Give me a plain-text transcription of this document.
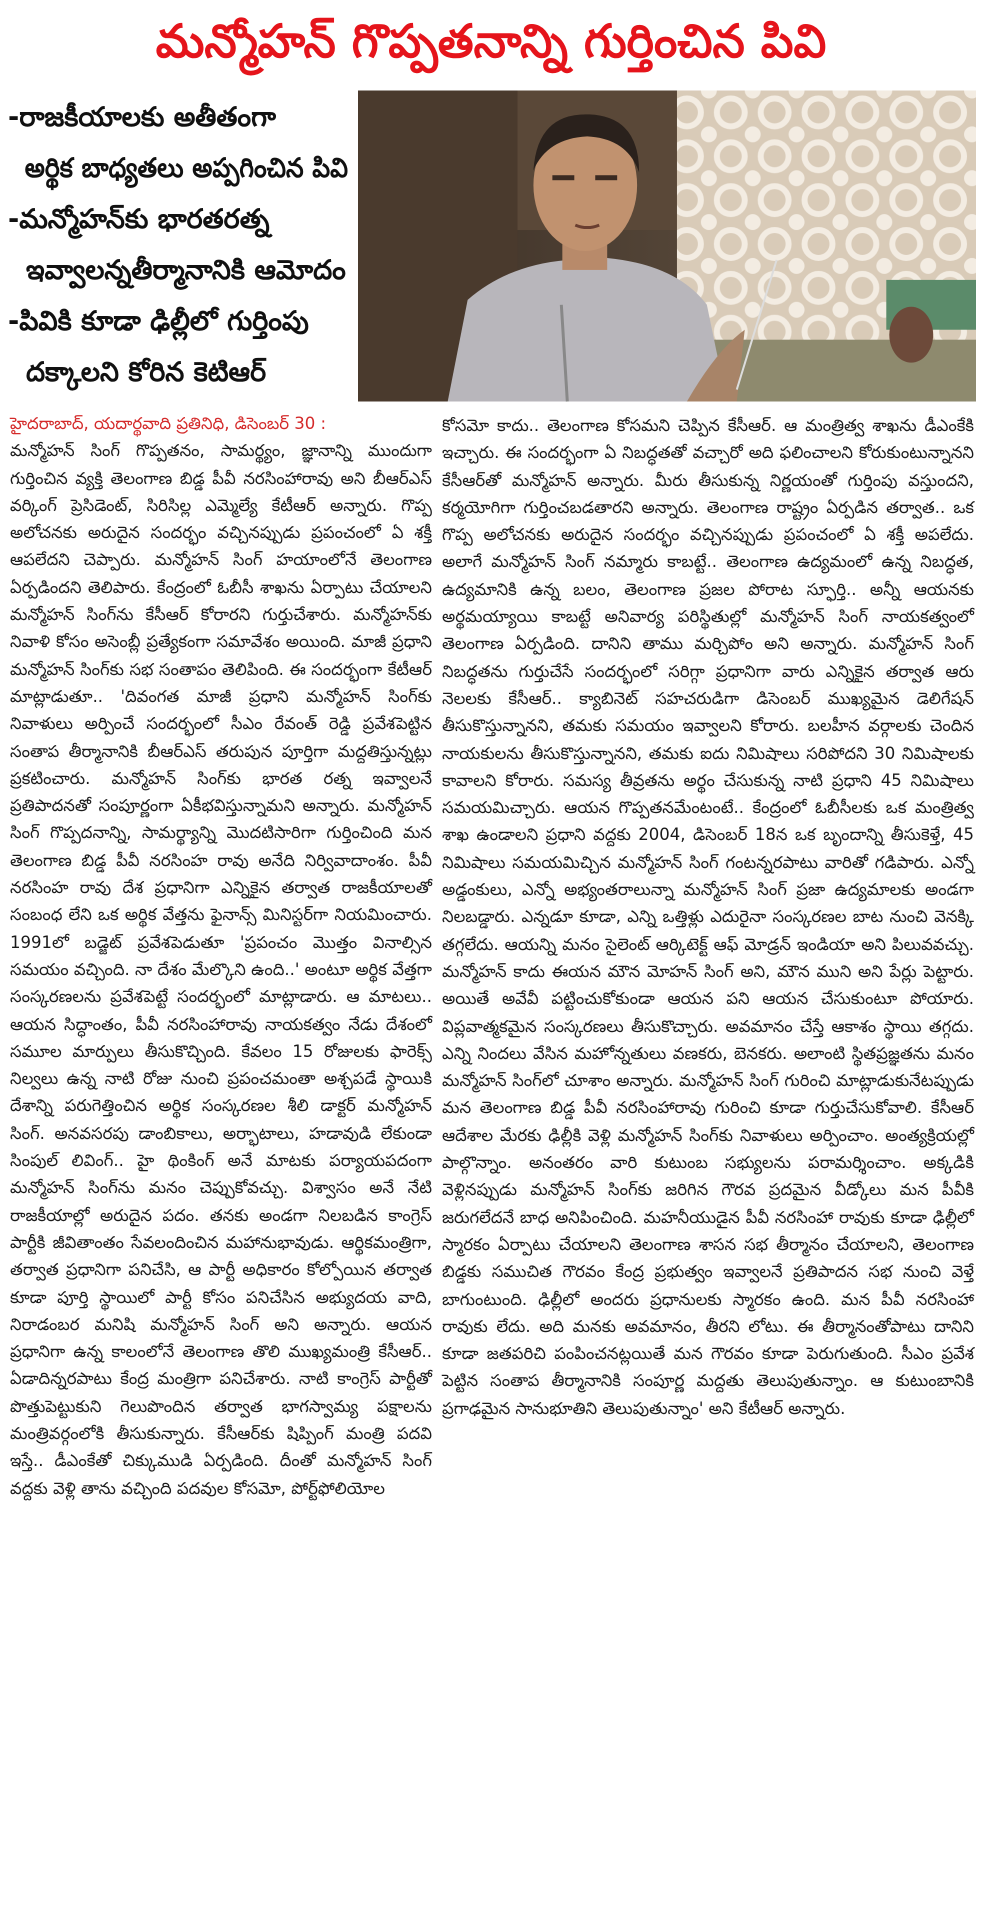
మన్మోహన్ గొప్పతనాన్ని గుర్తించిన పివి
-రాజకీయాలకు అతీతంగా
అర్థిక బాధ్యతలు అప్పగించిన పివి
-మన్మోహన్‌కు భారతరత్న
ఇవ్వాలన్నతీర్మానానికి ఆమోదం
-పివికి కూడా ఢిల్లీలో గుర్తింపు
దక్కాలని కోరిన కెటిఆర్
హైదరాబాద్, యదార్థవాది ప్రతినిధి, డిసెంబర్ 30 :
మన్మోహన్ సింగ్ గొప్పతనం, సామర్థ్యం, జ్ఞానాన్ని ముందుగా గుర్తించిన వ్యక్తి తెలంగాణ బిడ్డ పీవీ నరసింహారావు అని బీఆర్ఎస్ వర్కింగ్ ప్రెసిడెంట్, సిరిసిల్ల ఎమ్మెల్యే కేటీఆర్ అన్నారు. గొప్ప అలోచనకు అరుదైన సందర్భం వచ్చినప్పుడు ప్రపంచంలో ఏ శక్తీ ఆపలేదని చెప్పారు. మన్మోహన్ సింగ్ హయాంలోనే తెలంగాణ ఏర్పడిందని తెలిపారు. కేంద్రంలో ఓబీసీ శాఖను ఏర్పాటు చేయాలని మన్మోహన్ సింగ్‌ను కేసీఆర్ కోరారని గుర్తుచేశారు. మన్మోహన్‌కు నివాళి కోసం అసెంబ్లీ ప్రత్యేకంగా సమావేశం అయింది. మాజీ ప్రధాని మన్మోహన్ సింగ్‌కు సభ సంతాపం తెలిపింది. ఈ సందర్భంగా కేటీఆర్ మాట్లాడుతూ.. 'దివంగత మాజీ ప్రధాని మన్మోహన్ సింగ్‌కు నివాళులు అర్పించే సందర్భంలో సీఎం రేవంత్ రెడ్డి ప్రవేశపెట్టిన సంతాప తీర్మానానికి బీఆర్ఎస్ తరుపున పూర్తిగా మద్దతిస్తున్నట్లు ప్రకటించారు. మన్మోహన్ సింగ్‌కు భారత రత్న ఇవ్వాలనే ప్రతిపాదనతో సంపూర్ణంగా ఏకీభవిస్తున్నామని అన్నారు. మన్మోహన్ సింగ్ గొప్పదనాన్ని, సామర్థ్యాన్ని మొదటిసారిగా గుర్తించింది మన తెలంగాణ బిడ్డ పీవీ నరసింహ రావు అనేది నిర్వివాదాంశం. పీవీ నరసింహ రావు దేశ ప్రధానిగా ఎన్నికైన తర్వాత రాజకీయాలతో సంబంధ లేని ఒక అర్థిక వేత్తను ఫైనాన్స్ మినిస్టర్‌గా నియమించారు. 1991లో బడ్జెట్ ప్రవేశపెడుతూ 'ప్రపంచం మొత్తం వినాల్సిన సమయం వచ్చింది. నా దేశం మేల్కొని ఉంది..' అంటూ అర్థిక వేత్తగా సంస్కరణలను ప్రవేశపెట్టే సందర్భంలో మాట్లాడారు. ఆ మాటలు.. ఆయన సిద్ధాంతం, పీవీ నరసింహారావు నాయకత్వం నేడు దేశంలో సమూల మార్పులు తీసుకొచ్చింది. కేవలం 15 రోజులకు ఫారెక్స్ నిల్వలు ఉన్న నాటి రోజు నుంచి ప్రపంచమంతా అశ్చపడే స్థాయికి దేశాన్ని పరుగెత్తించిన అర్థిక సంస్కరణల శీలి డాక్టర్ మన్మోహన్ సింగ్. అనవసరపు డాంబికాలు, అర్భాటాలు, హడావుడి లేకుండా సింపుల్ లివింగ్.. హై థింకింగ్ అనే మాటకు పర్యాయపదంగా మన్మోహన్ సింగ్‌ను మనం చెప్పుకోవచ్చు. విశ్వాసం అనే నేటి రాజకీయాల్లో అరుదైన పదం. తనకు అండగా నిలబడిన కాంగ్రెస్ పార్టీకి జీవితాంతం సేవలందించిన మహానుభావుడు. ఆర్థికమంత్రిగా, తర్వాత ప్రధానిగా పనిచేసి, ఆ పార్టీ అధికారం కోల్పోయిన తర్వాత కూడా పూర్తి స్థాయిలో పార్టీ కోసం పనిచేసిన అభ్యుదయ వాది, నిరాడంబర మనిషి మన్మోహన్ సింగ్ అని అన్నారు. ఆయన ప్రధానిగా ఉన్న కాలంలోనే తెలంగాణ తొలి ముఖ్యమంత్రి కేసీఆర్.. ఏడాదిన్నరపాటు కేంద్ర మంత్రిగా పనిచేశారు. నాటి కాంగ్రెస్ పార్టీతో పొత్తుపెట్టుకుని గెలుపొందిన తర్వాత భాగస్వామ్య పక్షాలను మంత్రివర్గంలోకి తీసుకున్నారు. కేసీఆర్‌కు షిప్పింగ్ మంత్రి పదవి ఇస్తే.. డీఎంకేతో చిక్కుముడి ఏర్పడింది. దీంతో మన్మోహన్ సింగ్ వద్దకు వెళ్లి తాను వచ్చింది పదవుల కోసమో, పోర్ట్‌ఫోలియోల
కోసమో కాదు.. తెలంగాణ కోసమని చెప్పిన కేసీఆర్. ఆ మంత్రిత్వ శాఖను డీఎంకేకి ఇచ్చారు. ఈ సందర్భంగా ఏ నిబద్ధతతో వచ్చారో అది ఫలించాలని కోరుకుంటున్నానని కేసీఆర్‌తో మన్మోహన్ అన్నారు. మీరు తీసుకున్న నిర్ణయంతో గుర్తింపు వస్తుందని, కర్మయోగిగా గుర్తించబడతారని అన్నారు. తెలంగాణ రాష్ట్రం ఏర్పడిన తర్వాత.. ఒక గొప్ప అలోచనకు అరుదైన సందర్భం వచ్చినప్పుడు ప్రపంచంలో ఏ శక్తీ అపలేదు. అలాగే మన్మోహన్ సింగ్ నమ్మారు కాబట్టే.. తెలంగాణ ఉద్యమంలో ఉన్న నిబద్ధత, ఉద్యమానికి ఉన్న బలం, తెలంగాణ ప్రజల పోరాట స్ఫూర్తి.. అన్నీ ఆయనకు అర్థమయ్యాయి కాబట్టే అనివార్య పరిస్థితుల్లో మన్మోహన్ సింగ్ నాయకత్వంలో తెలంగాణ ఏర్పడింది. దానిని తాము మర్చిపోం అని అన్నారు. మన్మోహన్ సింగ్ నిబద్ధతను గుర్తుచేసే సందర్భంలో సరిగ్గా ప్రధానిగా వారు ఎన్నికైన తర్వాత ఆరు నెలలకు కేసీఆర్.. క్యాబినెట్ సహచరుడిగా డిసెంబర్ ముఖ్యమైన డెలిగేషన్ తీసుకొస్తున్నానని, తమకు సమయం ఇవ్వాలని కోరారు. బలహీన వర్గాలకు చెందిన నాయకులను తీసుకొస్తున్నానని, తమకు ఐదు నిమిషాలు సరిపోదని 30 నిమిషాలకు కావాలని కోరారు. సమస్య తీవ్రతను అర్థం చేసుకున్న నాటి ప్రధాని 45 నిమిషాలు సమయమిచ్చారు. ఆయన గొప్పతనమేంటంటే.. కేంద్రంలో ఓబీసీలకు ఒక మంత్రిత్వ శాఖ ఉండాలని ప్రధాని వద్దకు 2004, డిసెంబర్ 18న ఒక బృందాన్ని తీసుకెళ్తే, 45 నిమిషాలు సమయమిచ్చిన మన్మోహన్ సింగ్ గంటన్నరపాటు వారితో గడిపారు. ఎన్నో అడ్డంకులు, ఎన్నో అభ్యంతరాలున్నా మన్మోహన్ సింగ్ ప్రజా ఉద్యమాలకు అండగా నిలబడ్డారు. ఎన్నడూ కూడా, ఎన్ని ఒత్తిళ్లు ఎదురైనా సంస్కరణల బాట నుంచి వెనక్కి తగ్గలేదు. ఆయన్ని మనం సైలెంట్ ఆర్కిటెక్ట్ ఆఫ్ మోడ్రన్ ఇండియా అని పిలువవచ్చు. మన్మోహన్ కాదు ఈయన మౌన మోహన్ సింగ్ అని, మౌన ముని అని పేర్లు పెట్టారు. అయితే అవేవీ పట్టించుకోకుండా ఆయన పని ఆయన చేసుకుంటూ పోయారు. విప్లవాత్మకమైన సంస్కరణలు తీసుకొచ్చారు. అవమానం చేస్తే ఆకాశం స్థాయి తగ్గదు. ఎన్ని నిందలు వేసిన మహోన్నతులు వణకరు, బెనకరు. అలాంటి స్థితప్రజ్ఞతను మనం మన్మోహన్ సింగ్‌లో చూశాం అన్నారు. మన్మోహన్ సింగ్ గురించి మాట్లాడుకునేటప్పుడు మన తెలంగాణ బిడ్డ పీవీ నరసింహారావు గురించి కూడా గుర్తుచేసుకోవాలి. కేసీఆర్ ఆదేశాల మేరకు ఢిల్లీకి వెళ్లి మన్మోహన్ సింగ్‌కు నివాళులు అర్పించాం. అంత్యక్రియల్లో పాల్గొన్నాం. అనంతరం వారి కుటుంబ సభ్యులను పరామర్శించాం. అక్కడికి వెళ్లినప్పుడు మన్మోహన్ సింగ్‌కు జరిగిన గౌరవ ప్రదమైన వీడ్కోలు మన పీవీకి జరుగలేదనే బాధ అనిపించింది. మహనీయుడైన పీవీ నరసింహా రావుకు కూడా ఢిల్లీలో స్మారకం ఏర్పాటు చేయాలని తెలంగాణ శాసన సభ తీర్మానం చేయాలని, తెలంగాణ బిడ్డకు సముచిత గౌరవం కేంద్ర ప్రభుత్వం ఇవ్వాలనే ప్రతిపాదన సభ నుంచి వెళ్తే బాగుంటుంది. ఢిల్లీలో అందరు ప్రధానులకు స్మారకం ఉంది. మన పీవీ నరసింహా రావుకు లేదు. అది మనకు అవమానం, తీరని లోటు. ఈ తీర్మానంతోపాటు దానిని కూడా జతపరిచి పంపించనట్లయితే మన గౌరవం కూడా పెరుగుతుంది. సీఎం ప్రవేశ పెట్టిన సంతాప తీర్మానానికి సంపూర్ణ మద్దతు తెలుపుతున్నాం. ఆ కుటుంబానికి ప్రగాఢమైన సానుభూతిని తెలుపుతున్నాం' అని కేటీఆర్ అన్నారు.
